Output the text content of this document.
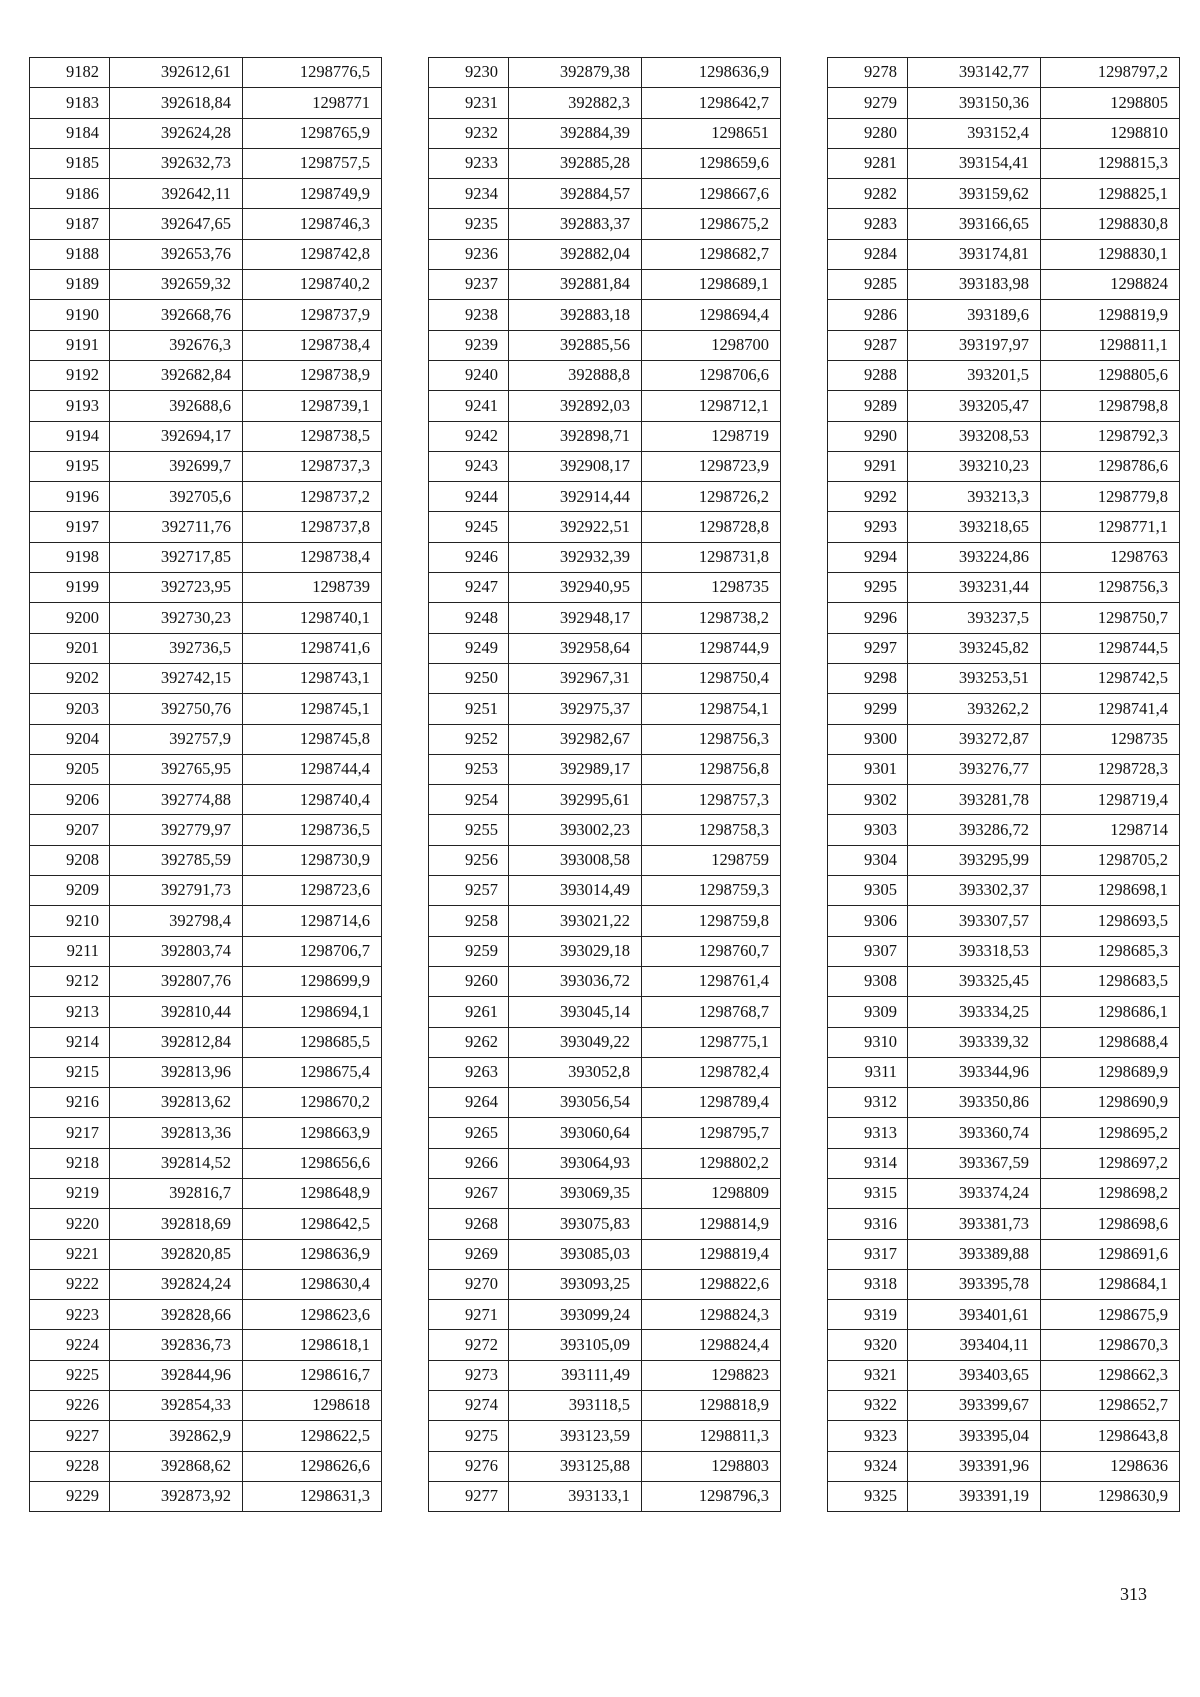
9182	392612,61	1298776,5
9183	392618,84	1298771
9184	392624,28	1298765,9
9185	392632,73	1298757,5
9186	392642,11	1298749,9
9187	392647,65	1298746,3
9188	392653,76	1298742,8
9189	392659,32	1298740,2
9190	392668,76	1298737,9
9191	392676,3	1298738,4
9192	392682,84	1298738,9
9193	392688,6	1298739,1
9194	392694,17	1298738,5
9195	392699,7	1298737,3
9196	392705,6	1298737,2
9197	392711,76	1298737,8
9198	392717,85	1298738,4
9199	392723,95	1298739
9200	392730,23	1298740,1
9201	392736,5	1298741,6
9202	392742,15	1298743,1
9203	392750,76	1298745,1
9204	392757,9	1298745,8
9205	392765,95	1298744,4
9206	392774,88	1298740,4
9207	392779,97	1298736,5
9208	392785,59	1298730,9
9209	392791,73	1298723,6
9210	392798,4	1298714,6
9211	392803,74	1298706,7
9212	392807,76	1298699,9
9213	392810,44	1298694,1
9214	392812,84	1298685,5
9215	392813,96	1298675,4
9216	392813,62	1298670,2
9217	392813,36	1298663,9
9218	392814,52	1298656,6
9219	392816,7	1298648,9
9220	392818,69	1298642,5
9221	392820,85	1298636,9
9222	392824,24	1298630,4
9223	392828,66	1298623,6
9224	392836,73	1298618,1
9225	392844,96	1298616,7
9226	392854,33	1298618
9227	392862,9	1298622,5
9228	392868,62	1298626,6
9229	392873,92	1298631,3
9230	392879,38	1298636,9
9231	392882,3	1298642,7
9232	392884,39	1298651
9233	392885,28	1298659,6
9234	392884,57	1298667,6
9235	392883,37	1298675,2
9236	392882,04	1298682,7
9237	392881,84	1298689,1
9238	392883,18	1298694,4
9239	392885,56	1298700
9240	392888,8	1298706,6
9241	392892,03	1298712,1
9242	392898,71	1298719
9243	392908,17	1298723,9
9244	392914,44	1298726,2
9245	392922,51	1298728,8
9246	392932,39	1298731,8
9247	392940,95	1298735
9248	392948,17	1298738,2
9249	392958,64	1298744,9
9250	392967,31	1298750,4
9251	392975,37	1298754,1
9252	392982,67	1298756,3
9253	392989,17	1298756,8
9254	392995,61	1298757,3
9255	393002,23	1298758,3
9256	393008,58	1298759
9257	393014,49	1298759,3
9258	393021,22	1298759,8
9259	393029,18	1298760,7
9260	393036,72	1298761,4
9261	393045,14	1298768,7
9262	393049,22	1298775,1
9263	393052,8	1298782,4
9264	393056,54	1298789,4
9265	393060,64	1298795,7
9266	393064,93	1298802,2
9267	393069,35	1298809
9268	393075,83	1298814,9
9269	393085,03	1298819,4
9270	393093,25	1298822,6
9271	393099,24	1298824,3
9272	393105,09	1298824,4
9273	393111,49	1298823
9274	393118,5	1298818,9
9275	393123,59	1298811,3
9276	393125,88	1298803
9277	393133,1	1298796,3
9278	393142,77	1298797,2
9279	393150,36	1298805
9280	393152,4	1298810
9281	393154,41	1298815,3
9282	393159,62	1298825,1
9283	393166,65	1298830,8
9284	393174,81	1298830,1
9285	393183,98	1298824
9286	393189,6	1298819,9
9287	393197,97	1298811,1
9288	393201,5	1298805,6
9289	393205,47	1298798,8
9290	393208,53	1298792,3
9291	393210,23	1298786,6
9292	393213,3	1298779,8
9293	393218,65	1298771,1
9294	393224,86	1298763
9295	393231,44	1298756,3
9296	393237,5	1298750,7
9297	393245,82	1298744,5
9298	393253,51	1298742,5
9299	393262,2	1298741,4
9300	393272,87	1298735
9301	393276,77	1298728,3
9302	393281,78	1298719,4
9303	393286,72	1298714
9304	393295,99	1298705,2
9305	393302,37	1298698,1
9306	393307,57	1298693,5
9307	393318,53	1298685,3
9308	393325,45	1298683,5
9309	393334,25	1298686,1
9310	393339,32	1298688,4
9311	393344,96	1298689,9
9312	393350,86	1298690,9
9313	393360,74	1298695,2
9314	393367,59	1298697,2
9315	393374,24	1298698,2
9316	393381,73	1298698,6
9317	393389,88	1298691,6
9318	393395,78	1298684,1
9319	393401,61	1298675,9
9320	393404,11	1298670,3
9321	393403,65	1298662,3
9322	393399,67	1298652,7
9323	393395,04	1298643,8
9324	393391,96	1298636
9325	393391,19	1298630,9
313
